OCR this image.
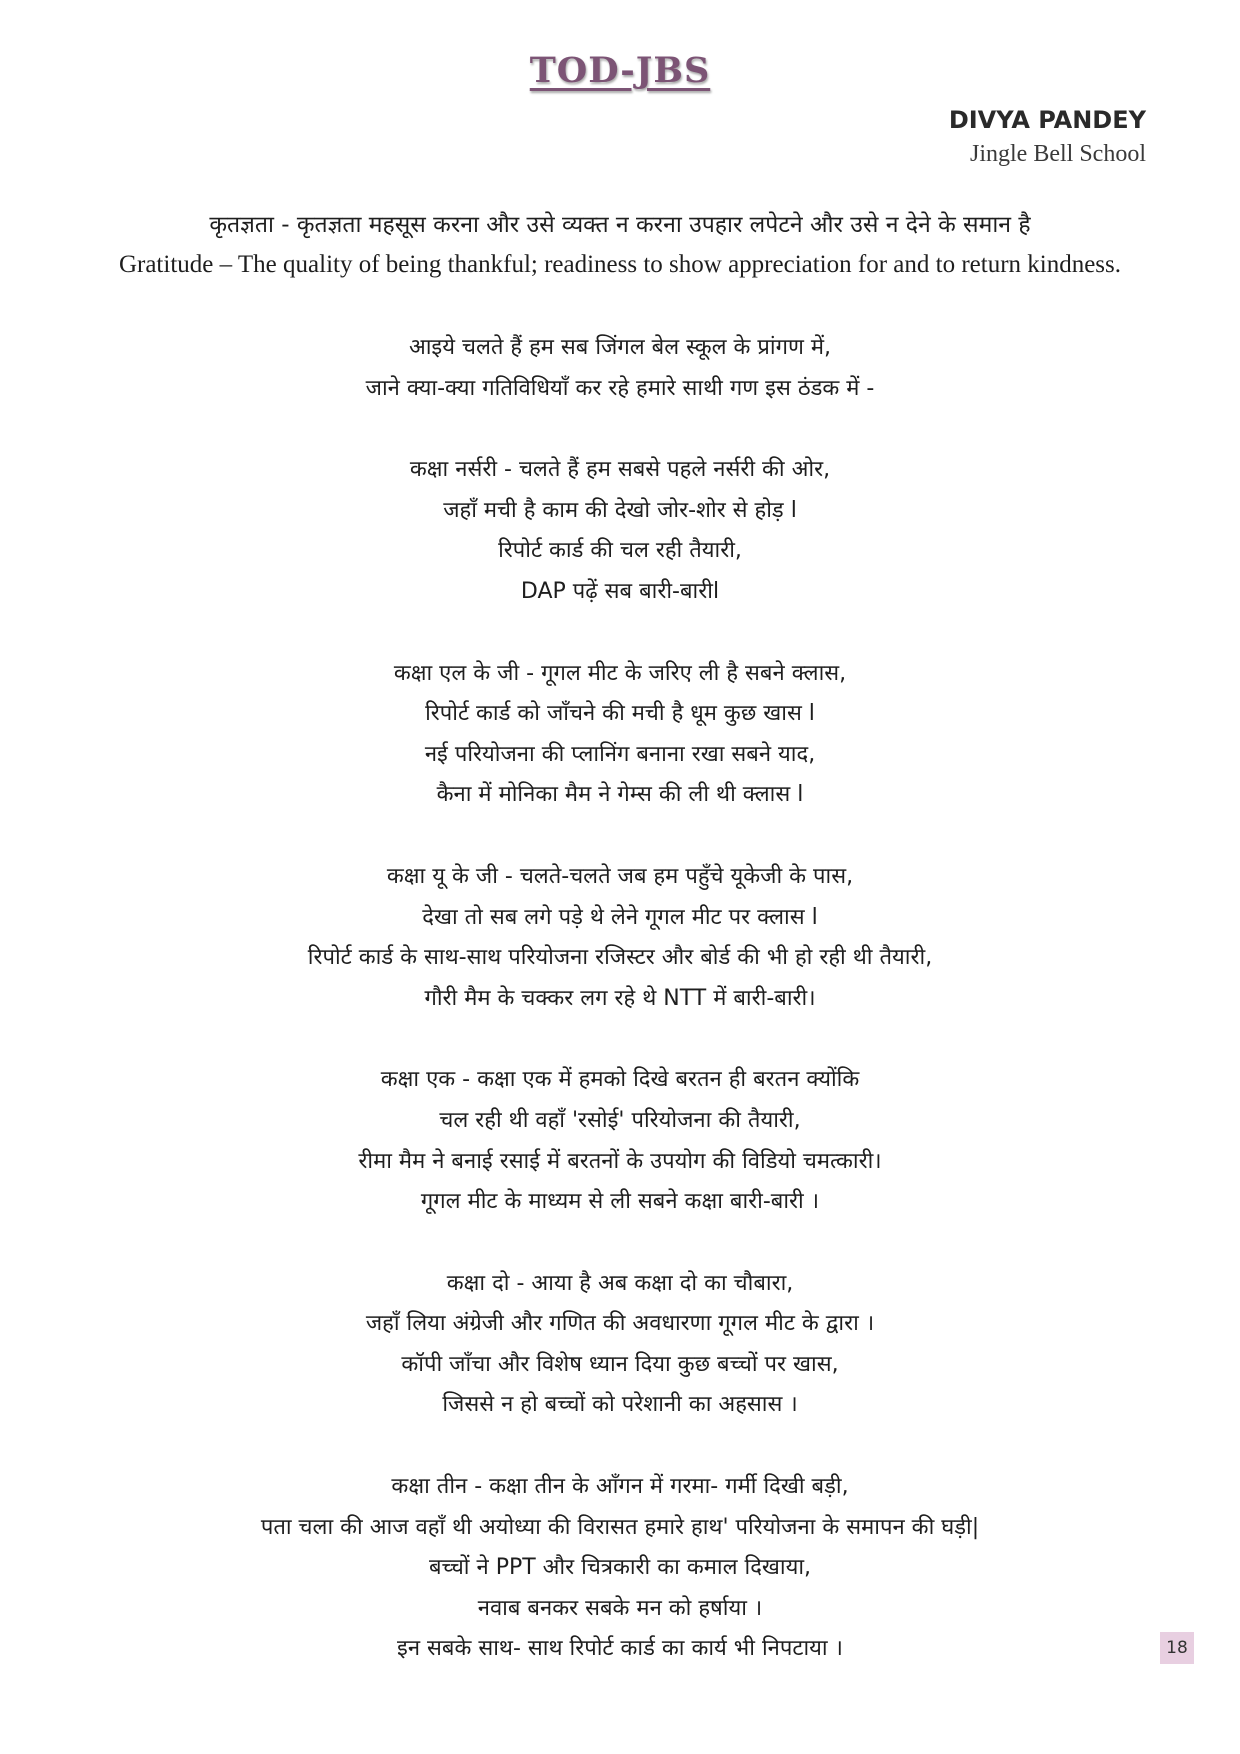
TOD-JBS
DIVYA PANDEY
Jingle Bell School
कृतज्ञता - कृतज्ञता महसूस करना और उसे व्यक्त न करना उपहार लपेटने और उसे न देने के समान है
Gratitude – The quality of being thankful; readiness to show appreciation for and to return kindness.
आइये चलते हैं हम सब जिंगल बेल स्कूल के प्रांगण में,
जाने क्या-क्या गतिविधियाँ कर रहे हमारे साथी गण इस ठंडक में -
कक्षा नर्सरी - चलते हैं हम सबसे पहले नर्सरी की ओर,
जहाँ मची है काम की देखो जोर-शोर से होड़ l
रिपोर्ट कार्ड की चल रही तैयारी,
DAP पढ़ें सब बारी-बारीl
कक्षा एल के जी - गूगल मीट के जरिए ली है सबने क्लास,
रिपोर्ट कार्ड को जाँचने की मची है धूम कुछ खास l
नई परियोजना की प्लानिंग बनाना रखा सबने याद,
कैना में मोनिका मैम ने गेम्स की ली थी क्लास l
कक्षा यू के जी - चलते-चलते जब हम पहुँचे यूकेजी के पास,
देखा तो सब लगे पड़े थे लेने गूगल मीट पर क्लास l
रिपोर्ट कार्ड के साथ-साथ परियोजना रजिस्टर और बोर्ड की भी हो रही थी तैयारी,
गौरी मैम के चक्कर लग रहे थे NTT में बारी-बारी।
कक्षा एक - कक्षा एक में हमको दिखे बरतन ही बरतन क्योंकि
चल रही थी वहाँ 'रसोई' परियोजना की तैयारी,
रीमा मैम ने बनाई रसाई में बरतनों के उपयोग की विडियो चमत्कारी।
गूगल मीट के माध्यम से ली सबने कक्षा बारी-बारी ।
कक्षा दो - आया है अब कक्षा दो का चौबारा,
जहाँ लिया अंग्रेजी और गणित की अवधारणा गूगल मीट के द्वारा ।
कॉपी जाँचा और विशेष ध्यान दिया कुछ बच्चों पर खास,
जिससे न हो बच्चों को परेशानी का अहसास ।
कक्षा तीन - कक्षा तीन के आँगन में गरमा- गर्मी दिखी बड़ी,
पता चला की आज वहाँ थी अयोध्या की विरासत हमारे हाथ' परियोजना के समापन की घड़ी|
बच्चों ने PPT और चित्रकारी का कमाल दिखाया,
नवाब बनकर सबके मन को हर्षाया ।
इन सबके साथ- साथ रिपोर्ट कार्ड का कार्य भी निपटाया ।	18
